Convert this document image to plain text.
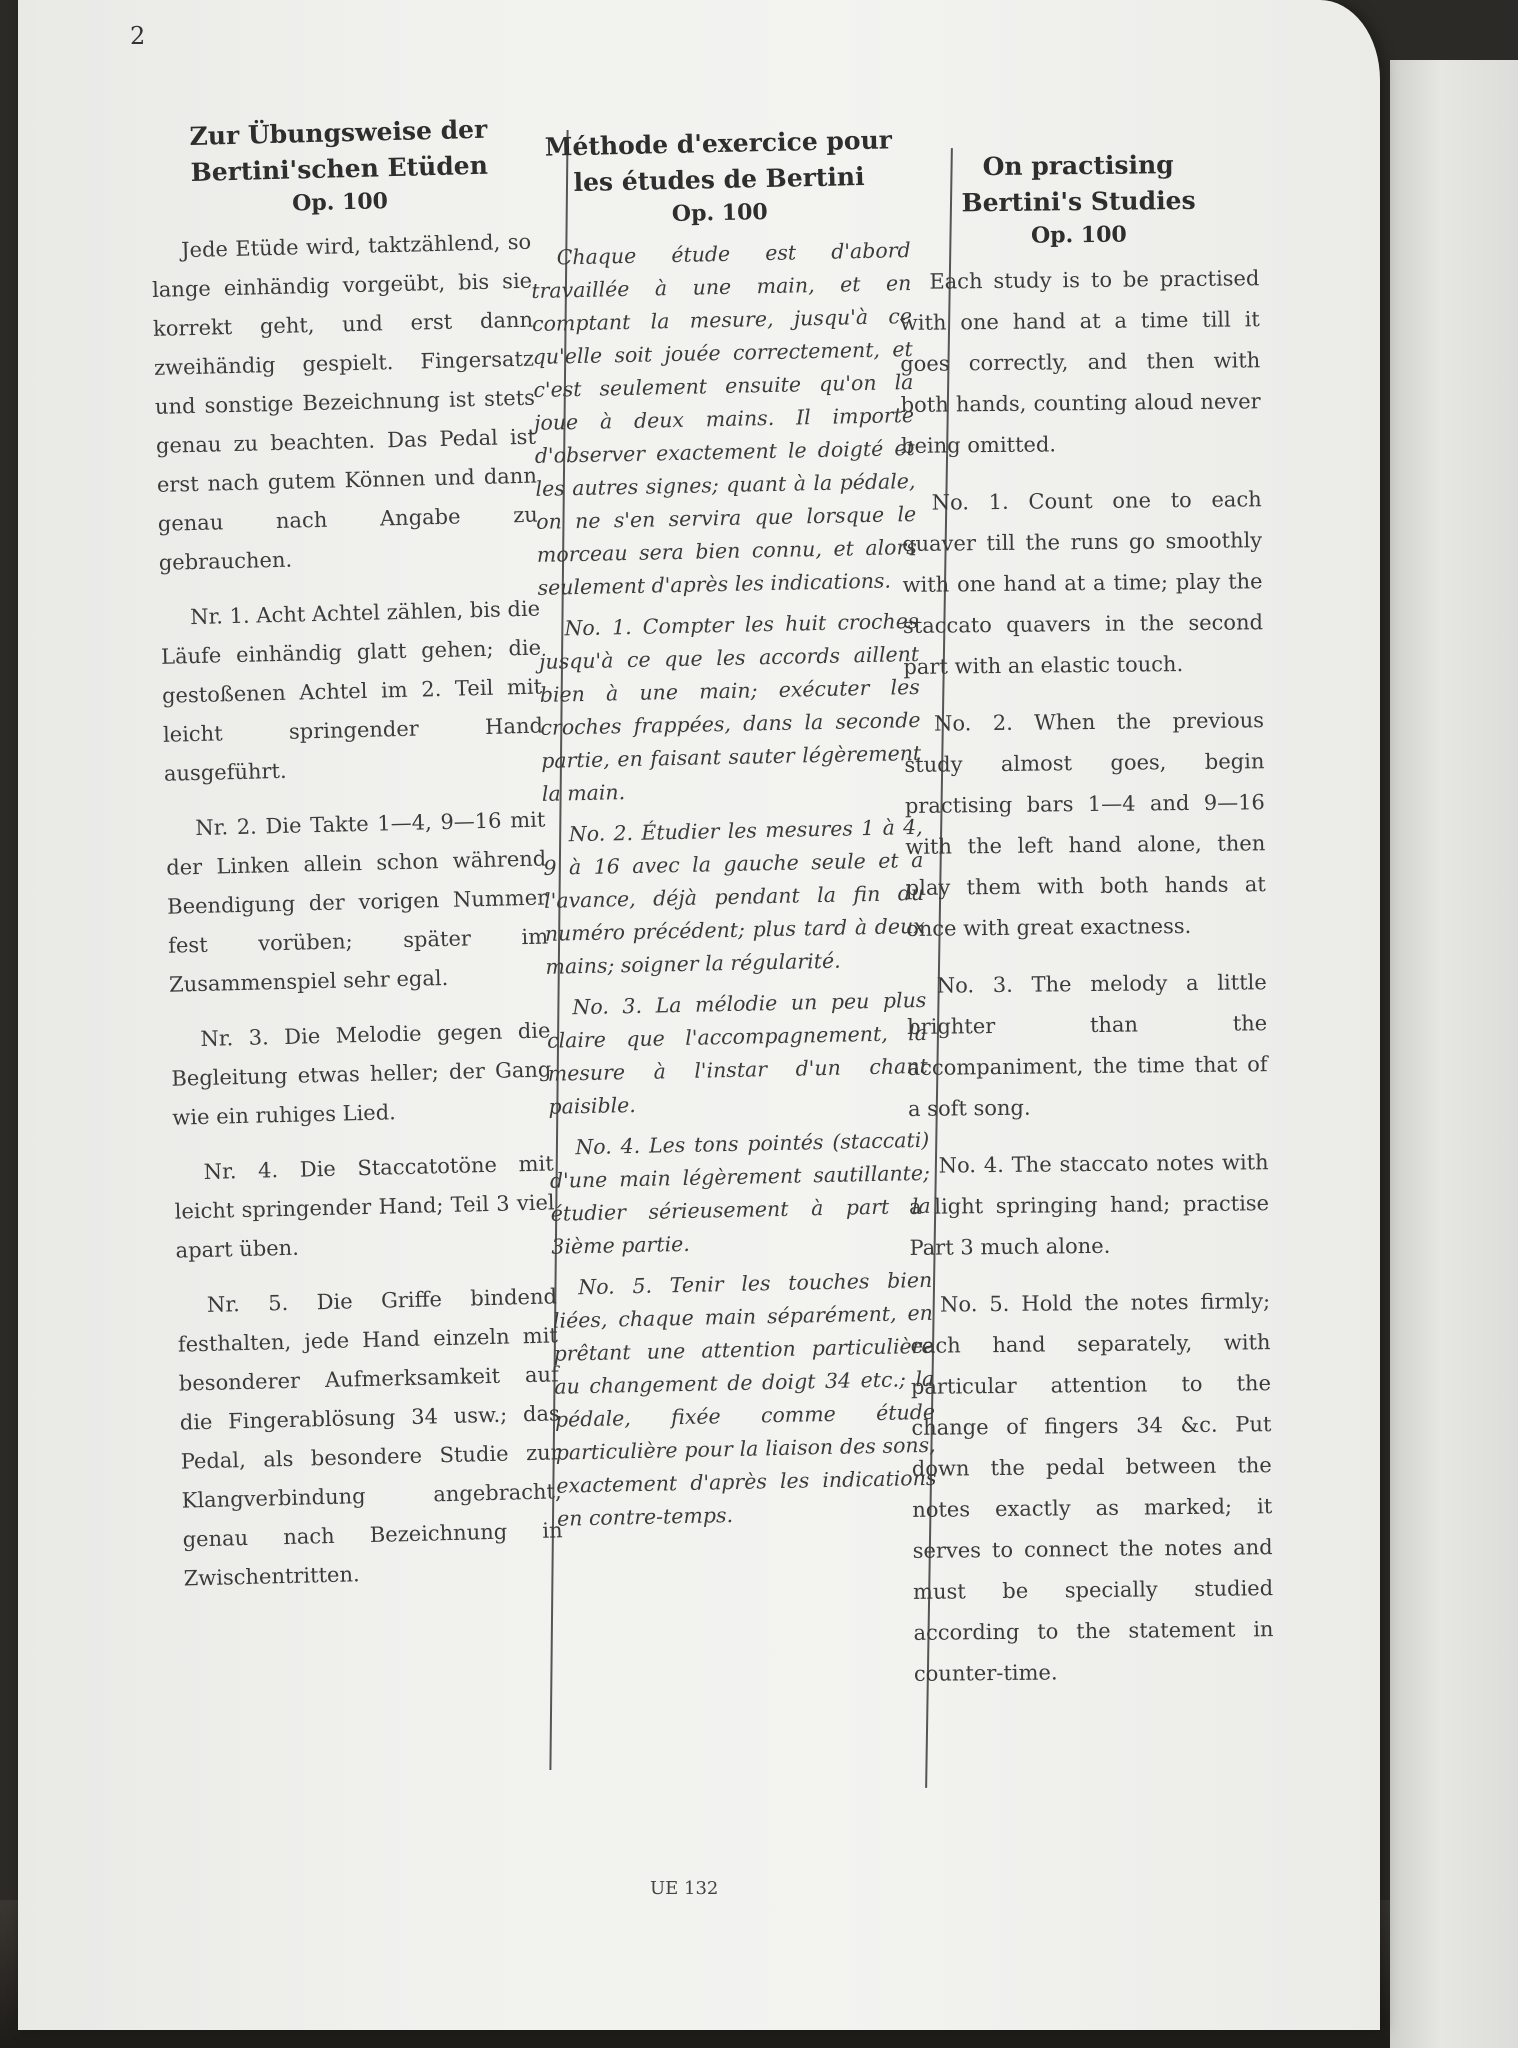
2

Zur Übungsweise der
Bertini'schen Etüden

Op. 100

Jede Etüde wird, taktzählend, so lange einhändig vorgeübt, bis sie korrekt geht, und erst dann zweihändig gespielt. Fingersatz und sonstige Bezeichnung ist stets genau zu beachten. Das Pedal ist erst nach gutem Können und dann genau nach Angabe zu gebrauchen.

Nr. 1. Acht Achtel zählen, bis die Läufe einhändig glatt gehen; die gestoßenen Achtel im 2. Teil mit leicht springender Hand ausgeführt.

Nr. 2. Die Takte 1—4, 9—16 mit der Linken allein schon während Beendigung der vorigen Nummer fest vorüben; später im Zusammenspiel sehr egal.

Nr. 3. Die Melodie gegen die Begleitung etwas heller; der Gang wie ein ruhiges Lied.

Nr. 4. Die Staccatotöne mit leicht springender Hand; Teil 3 viel apart üben.

Nr. 5. Die Griffe bindend festhalten, jede Hand einzeln mit besonderer Aufmerksamkeit auf die Fingerablösung 34 usw.; das Pedal, als besondere Studie zur Klangverbindung angebracht, genau nach Bezeichnung in Zwischentritten.

Méthode d'exercice pour
les études de Bertini

Op. 100

Chaque étude est d'abord travaillée à une main, et en comptant la mesure, jusqu'à ce qu'elle soit jouée correctement, et c'est seulement ensuite qu'on la joue à deux mains. Il importe d'observer exactement le doigté et les autres signes; quant à la pédale, on ne s'en servira que lorsque le morceau sera bien connu, et alors seulement d'après les indications.

No. 1. Compter les huit croches jusqu'à ce que les accords aillent bien à une main; exécuter les croches frappées, dans la seconde partie, en faisant sauter légèrement la main.

No. 2. Étudier les mesures 1 à 4, 9 à 16 avec la gauche seule et à l'avance, déjà pendant la fin du numéro précédent; plus tard à deux mains; soigner la régularité.

No. 3. La mélodie un peu plus claire que l'accompagnement, la mesure à l'instar d'un chant paisible.

No. 4. Les tons pointés (staccati) d'une main légèrement sautillante; étudier sérieusement à part la 3ième partie.

No. 5. Tenir les touches bien liées, chaque main séparément, en prêtant une attention particulière au changement de doigt 34 etc.; la pédale, fixée comme étude particulière pour la liaison des sons, exactement d'après les indications en contre-temps.

On practising
Bertini's Studies

Op. 100

Each study is to be practised with one hand at a time till it goes correctly, and then with both hands, counting aloud never being omitted.

No. 1. Count one to each quaver till the runs go smoothly with one hand at a time; play the staccato quavers in the second part with an elastic touch.

No. 2. When the previous study almost goes, begin practising bars 1—4 and 9—16 with the left hand alone, then play them with both hands at once with great exactness.

No. 3. The melody a little brighter than the accompaniment, the time that of a soft song.

No. 4. The staccato notes with a light springing hand; practise Part 3 much alone.

No. 5. Hold the notes firmly; each hand separately, with particular attention to the change of fingers 34 &c. Put down the pedal between the notes exactly as marked; it serves to connect the notes and must be specially studied according to the statement in counter-time.

UE 132
